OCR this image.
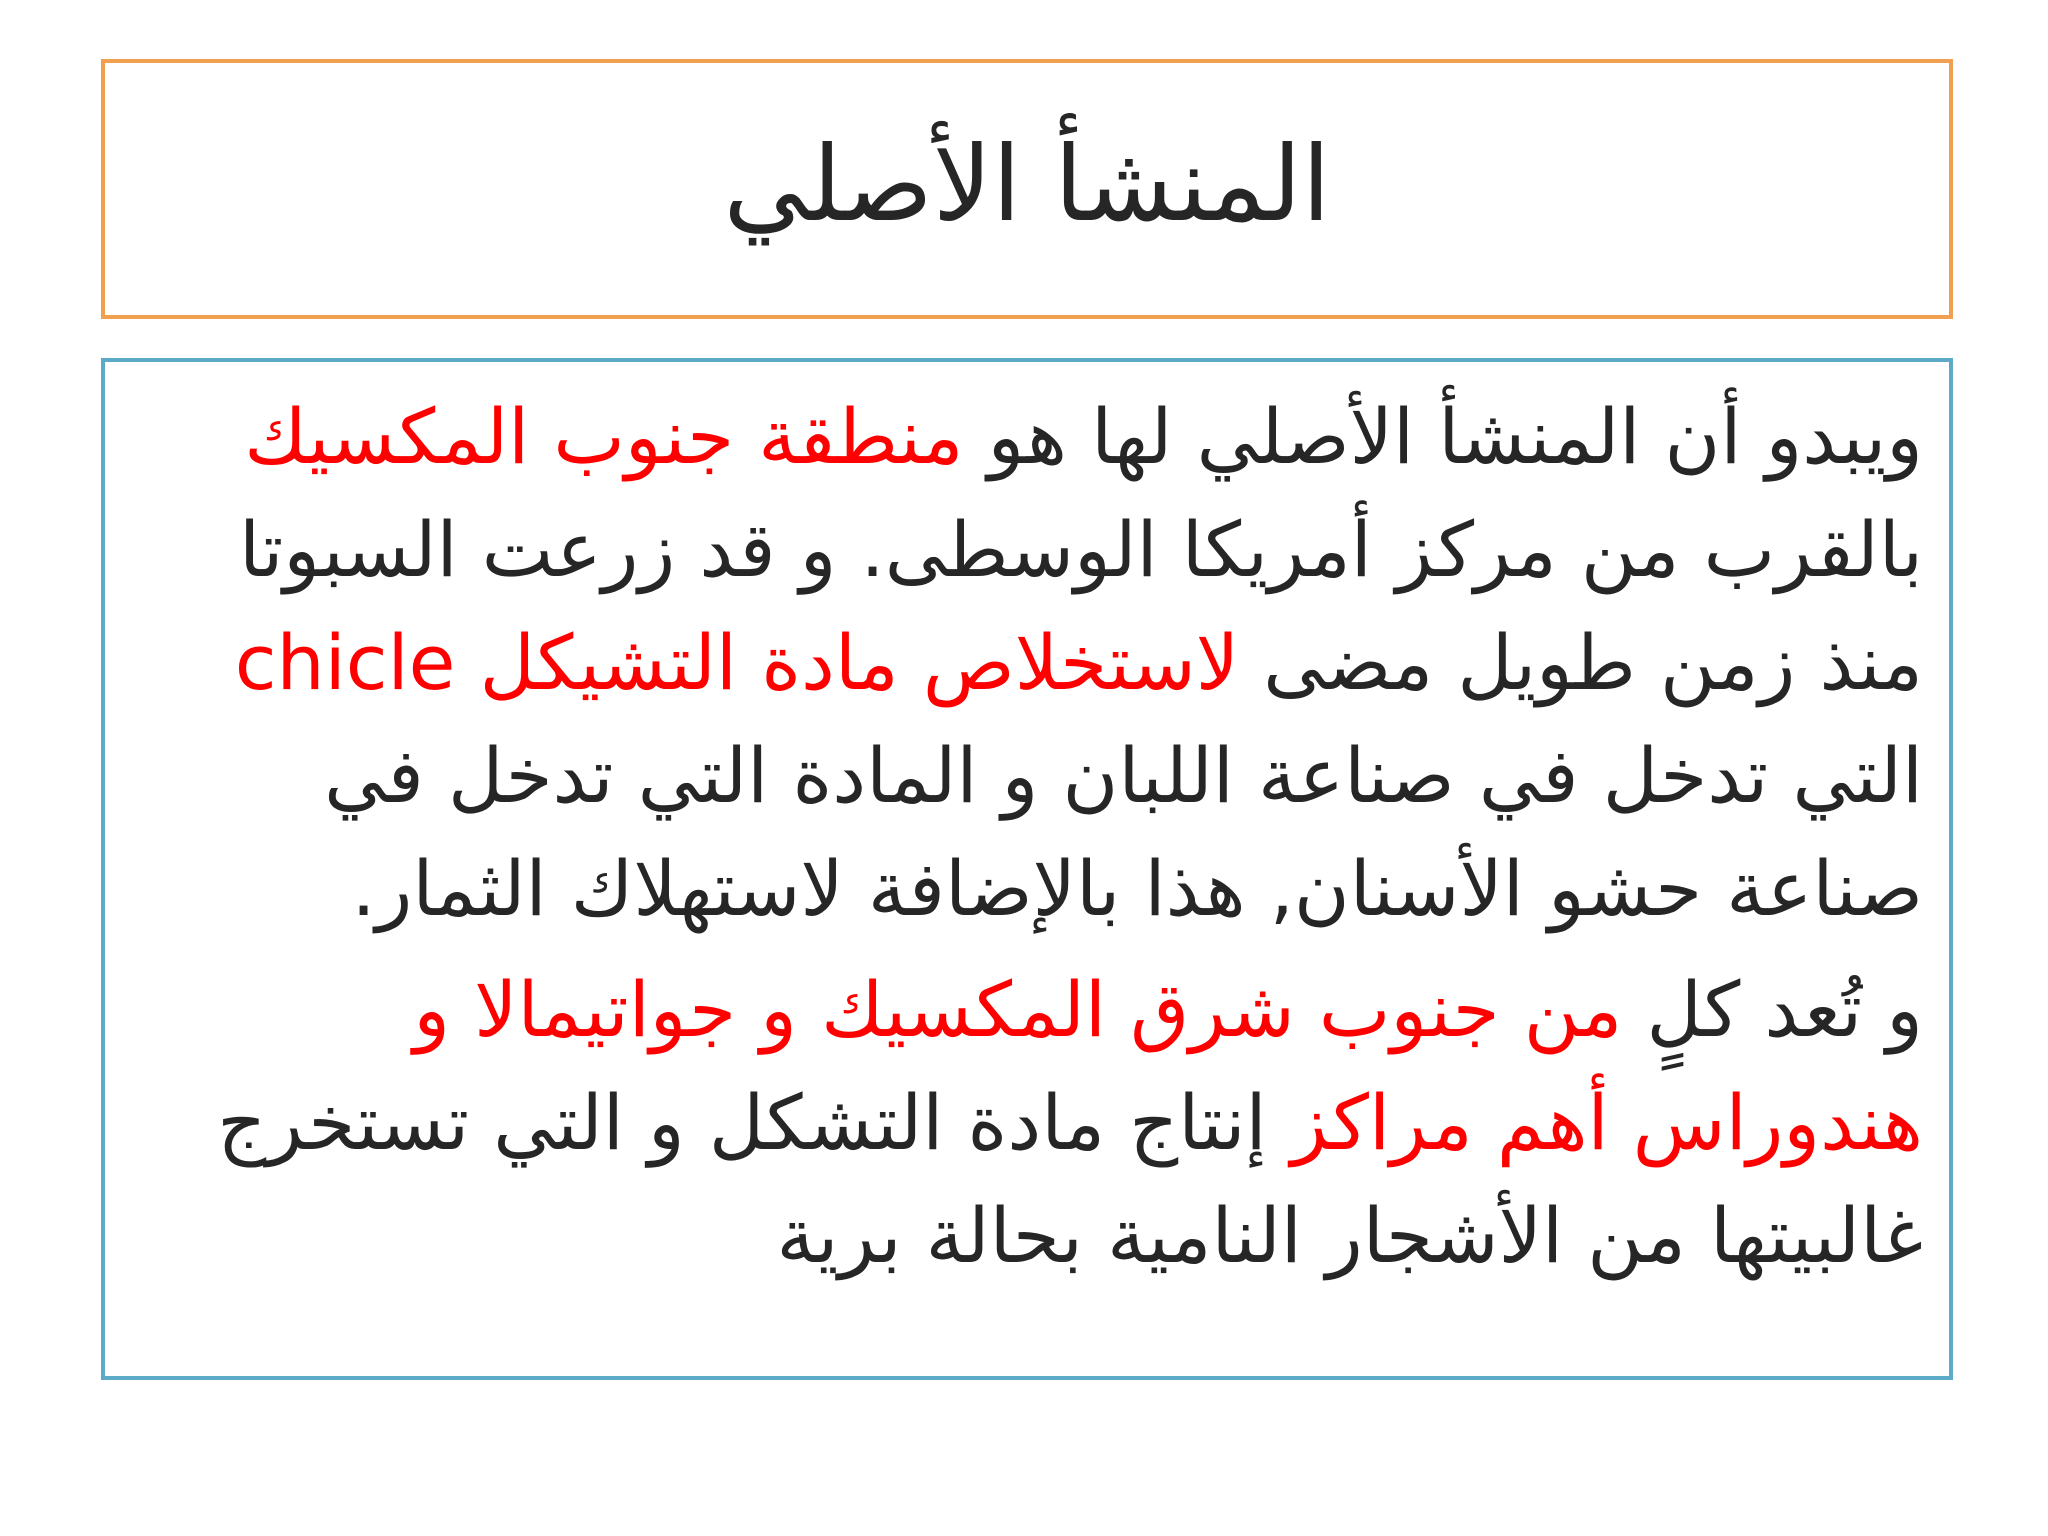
المنشأ الأصلي

ويبدو أن المنشأ الأصلي لها هو منطقة جنوب المكسيك بالقرب من مركز أمريكا الوسطى. و قد زرعت السبوتا منذ زمن طويل مضى لاستخلاص مادة التشيكل chicle التي تدخل في صناعة اللبان و المادة التي تدخل في صناعة حشو الأسنان, هذا بالإضافة لاستهلاك الثمار.

و تُعد كلٍ من جنوب شرق المكسيك و جواتيمالا و هندوراس أهم مراكز إنتاج مادة التشكل و التي تستخرج غالبيتها من الأشجار النامية بحالة برية
